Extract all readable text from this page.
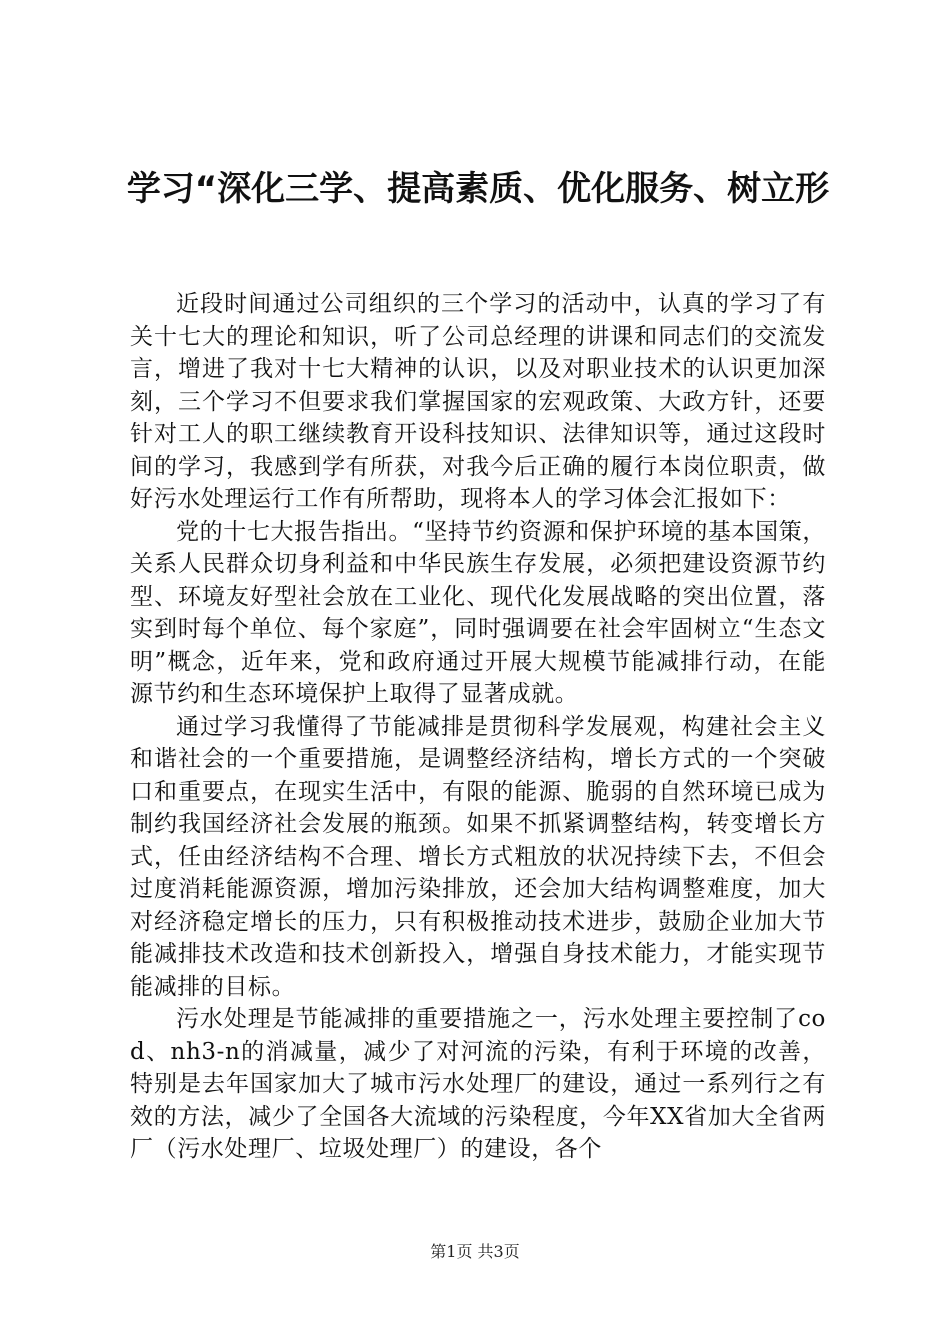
学习“深化三学、提高素质、优化服务、树立形

近段时间通过公司组织的三个学习的活动中，认真的学习了有关十七大的理论和知识，听了公司总经理的讲课和同志们的交流发言，增进了我对十七大精神的认识，以及对职业技术的认识更加深刻，三个学习不但要求我们掌握国家的宏观政策、大政方针，还要针对工人的职工继续教育开设科技知识、法律知识等，通过这段时间的学习，我感到学有所获，对我今后正确的履行本岗位职责，做好污水处理运行工作有所帮助，现将本人的学习体会汇报如下：

党的十七大报告指出。“坚持节约资源和保护环境的基本国策，关系人民群众切身利益和中华民族生存发展，必须把建设资源节约型、环境友好型社会放在工业化、现代化发展战略的突出位置，落实到时每个单位、每个家庭”，同时强调要在社会牢固树立“生态文明”概念，近年来，党和政府通过开展大规模节能减排行动，在能源节约和生态环境保护上取得了显著成就。

通过学习我懂得了节能减排是贯彻科学发展观，构建社会主义和谐社会的一个重要措施，是调整经济结构，增长方式的一个突破口和重要点，在现实生活中，有限的能源、脆弱的自然环境已成为制约我国经济社会发展的瓶颈。如果不抓紧调整结构，转变增长方式，任由经济结构不合理、增长方式粗放的状况持续下去，不但会过度消耗能源资源，增加污染排放，还会加大结构调整难度，加大对经济稳定增长的压力，只有积极推动技术进步，鼓励企业加大节能减排技术改造和技术创新投入，增强自身技术能力，才能实现节能减排的目标。

污水处理是节能减排的重要措施之一，污水处理主要控制了cod、nh3-n的消减量，减少了对河流的污染，有利于环境的改善，特别是去年国家加大了城市污水处理厂的建设，通过一系列行之有效的方法，减少了全国各大流域的污染程度，今年XX省加大全省两厂（污水处理厂、垃圾处理厂）的建设，各个

第1页 共3页
